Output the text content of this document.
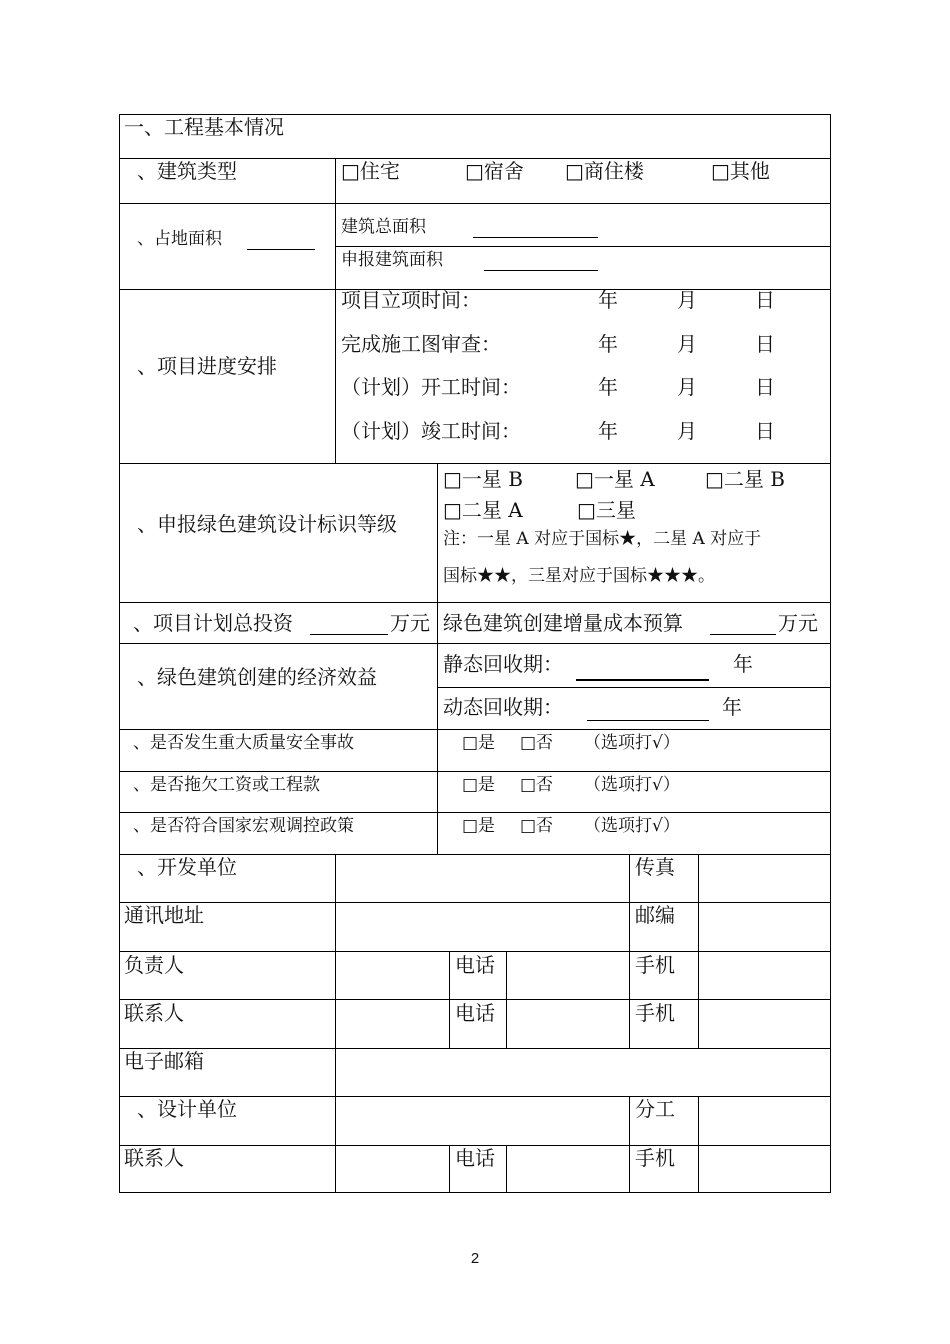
一、工程基本情况
、建筑类型	□住宅	□宿舍 □商住楼	□其他
、占地面积
建筑总面积
申报建筑面积
、项目进度安排
项目立项时间：	年	月	日
完成施工图审查：	年	月	日
（计划）开工时间：	年	月	日
（计划）竣工时间：	年	月	日
、申报绿色建筑设计标识等级
□一星 B	□一星 A	□二星 B
□二星 A	□三星
注：一星 A 对应于国标★，二星 A 对应于
国标★★，三星对应于国标★★★。
、项目计划总投资	万元 绿色建筑创建增量成本预算	万元
、绿色建筑创建的经济效益
静态回收期：	年
动态回收期：	年
、是否发生重大质量安全事故	□是 □否 （选项打√）
、是否拖欠工资或工程款	□是 □否 （选项打√）
、是否符合国家宏观调控政策	□是 □否 （选项打√）
、开发单位	传真
通讯地址	邮编
负责人	电话	手机
联系人	电话	手机
电子邮箱
、设计单位	分工
联系人	电话	手机
2
